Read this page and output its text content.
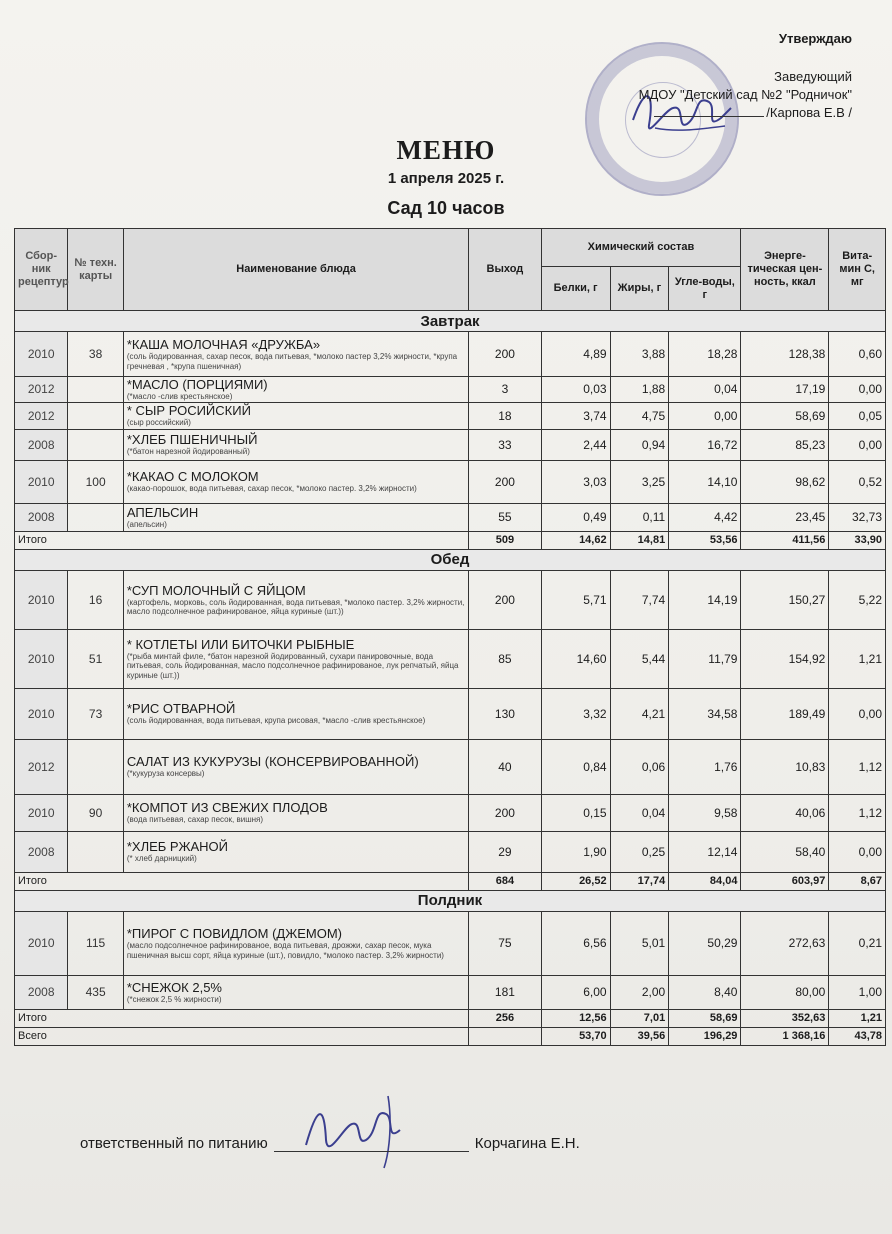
Утверждаю
Заведующий
МДОУ "Детский сад №2 "Родничок"
/Карпова Е.В /
МЕНЮ
1 апреля 2025 г.
Сад 10 часов
Сбор-ник рецептур	№ техн. карты	Наименование блюда	Выход	Химический состав			Энерге-тическая цен-ность, ккал	Вита-мин С, мг
				Белки, г	Жиры, г	Угле-воды, г		
Завтрак								
2010	38	*КАША МОЛОЧНАЯ «ДРУЖБА»
(соль йодированная, сахар песок, вода питьевая, *молоко пастер 3,2% жирности, *крупа гречневая , *крупа пшеничная)	200	4,89	3,88	18,28	128,38	0,60
2012		*МАСЛО (ПОРЦИЯМИ)
(*масло -слив крестьянское)	3	0,03	1,88	0,04	17,19	0,00
2012		* СЫР РОСИЙСКИЙ
(сыр российский)	18	3,74	4,75	0,00	58,69	0,05
2008		*ХЛЕБ ПШЕНИЧНЫЙ
(*батон нарезной йодированный)	33	2,44	0,94	16,72	85,23	0,00
2010	100	*КАКАО С МОЛОКОМ
(какао-порошок, вода питьевая, сахар песок, *молоко пастер. 3,2% жирности)	200	3,03	3,25	14,10	98,62	0,52
2008		АПЕЛЬСИН
(апельсин)	55	0,49	0,11	4,42	23,45	32,73
Итого			509	14,62	14,81	53,56	411,56	33,90
Обед								
2010	16	*СУП МОЛОЧНЫЙ С ЯЙЦОМ
(картофель, морковь, соль йодированная, вода питьевая, *молоко пастер. 3,2% жирности, масло подсолнечное рафинированое, яйца куриные (шт.))	200	5,71	7,74	14,19	150,27	5,22
2010	51	* КОТЛЕТЫ ИЛИ БИТОЧКИ РЫБНЫЕ
(*рыба минтай филе, *батон нарезной йодированный, сухари панировочные, вода питьевая, соль йодированная, масло подсолнечное рафинированое, лук репчатый, яйца куриные (шт.))	85	14,60	5,44	11,79	154,92	1,21
2010	73	*РИС ОТВАРНОЙ
(соль йодированная, вода питьевая, крупа рисовая, *масло -слив крестьянское)	130	3,32	4,21	34,58	189,49	0,00
2012		САЛАТ ИЗ КУКУРУЗЫ (КОНСЕРВИРОВАННОЙ)
(*кукуруза консервы)	40	0,84	0,06	1,76	10,83	1,12
2010	90	*КОМПОТ ИЗ СВЕЖИХ ПЛОДОВ
(вода питьевая, сахар песок, вишня)	200	0,15	0,04	9,58	40,06	1,12
2008		*ХЛЕБ РЖАНОЙ
(* хлеб дарницкий)	29	1,90	0,25	12,14	58,40	0,00
Итого			684	26,52	17,74	84,04	603,97	8,67
Полдник								
2010	115	*ПИРОГ С ПОВИДЛОМ (ДЖЕМОМ)
(масло подсолнечное рафинированое, вода питьевая, дрожжи, сахар песок, мука пшеничная высш сорт, яйца куриные (шт.), повидло, *молоко пастер. 3,2% жирности)	75	6,56	5,01	50,29	272,63	0,21
2008	435	*СНЕЖОК 2,5%
(*снежок 2,5 % жирности)	181	6,00	2,00	8,40	80,00	1,00
Итого			256	12,56	7,01	58,69	352,63	1,21
Всего				53,70	39,56	196,29	1 368,16	43,78
ответственный по питанию	Корчагина Е.Н.
